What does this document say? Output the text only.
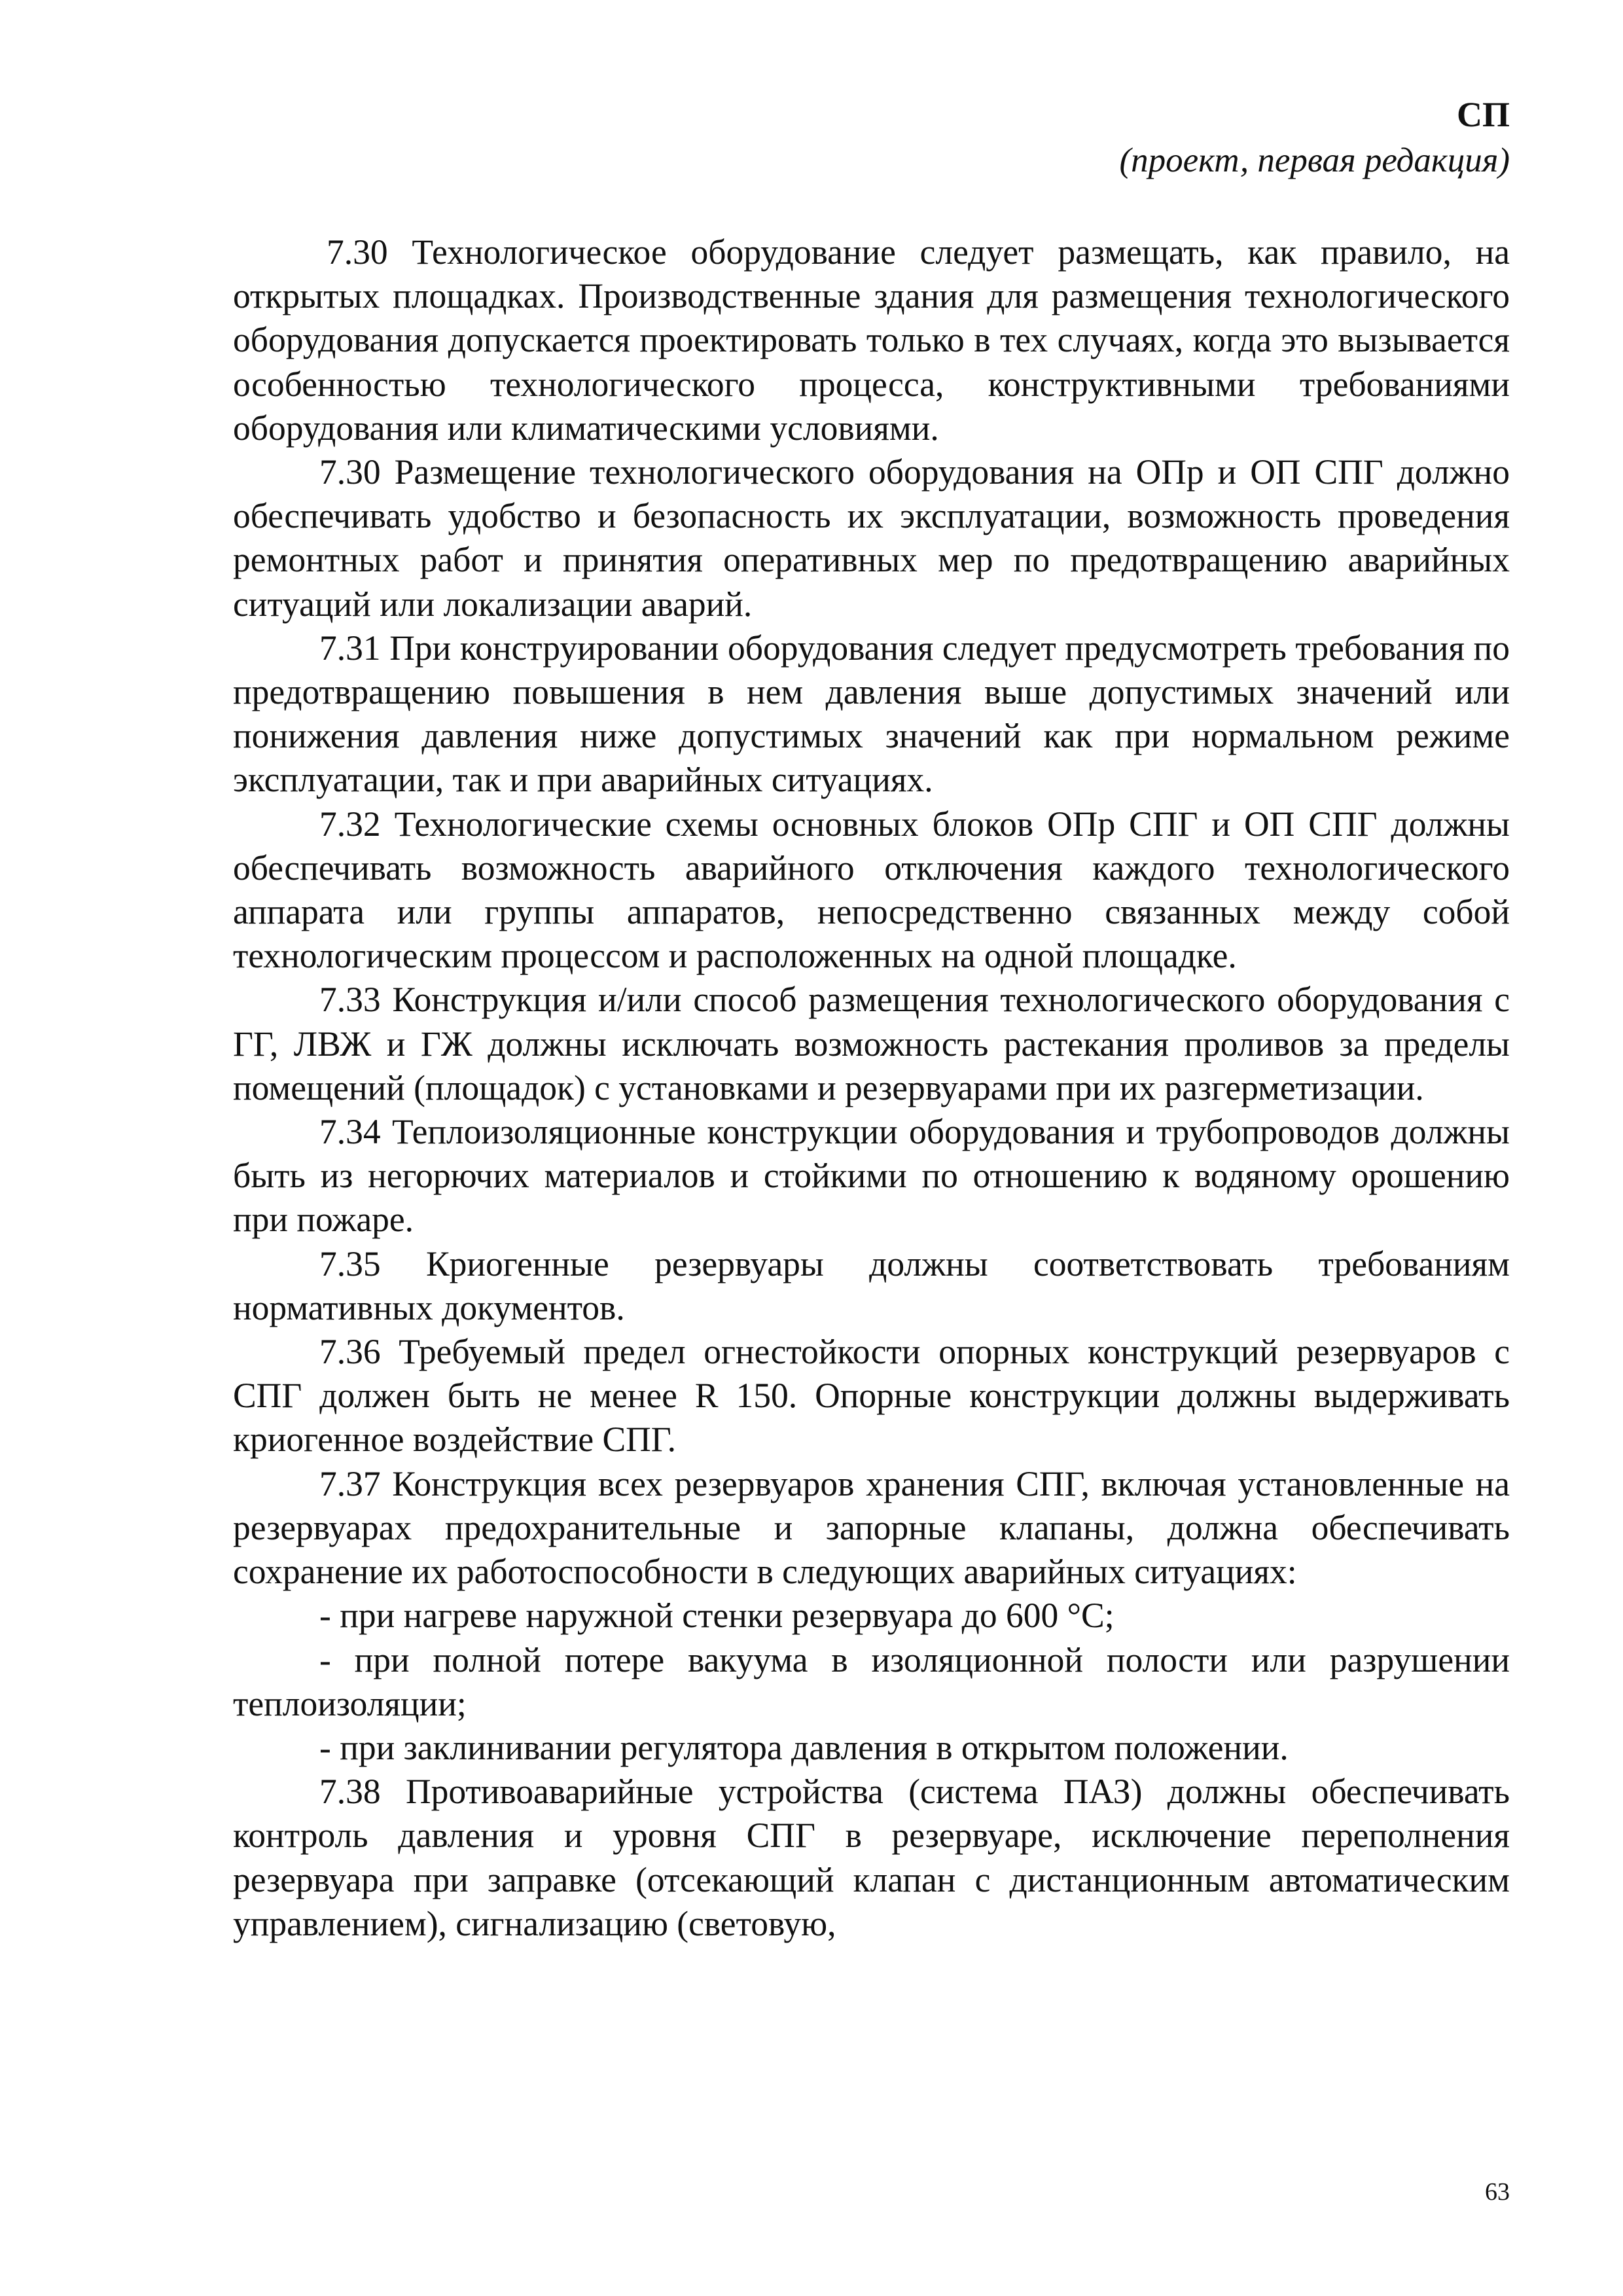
СП
(проект, первая редакция)

7.30 Технологическое оборудование следует размещать, как правило, на открытых площадках. Производственные здания для размещения технологического оборудования допускается проектировать только в тех случаях, когда это вызывается особенностью технологического процесса, конструктивными требованиями оборудования или климатическими условиями.

7.30 Размещение технологического оборудования на ОПр и ОП СПГ должно обеспечивать удобство и безопасность их эксплуатации, возможность проведения ремонтных работ и принятия оперативных мер по предотвращению аварийных ситуаций или локализации аварий.

7.31 При конструировании оборудования следует предусмотреть требования по предотвращению повышения в нем давления выше допустимых значений или понижения давления ниже допустимых значений как при нормальном режиме эксплуатации, так и при аварийных ситуациях.

7.32 Технологические схемы основных блоков ОПр СПГ и ОП СПГ должны обеспечивать возможность аварийного отключения каждого технологического аппарата или группы аппаратов, непосредственно связанных между собой технологическим процессом и расположенных на одной площадке.

7.33 Конструкция и/или способ размещения технологического оборудования с ГГ, ЛВЖ и ГЖ должны исключать возможность растекания проливов за пределы помещений (площадок) с установками и резервуарами при их разгерметизации.

7.34 Теплоизоляционные конструкции оборудования и трубопроводов должны быть из негорючих материалов и стойкими по отношению к водяному орошению при пожаре.

7.35 Криогенные резервуары должны соответствовать требованиям нормативных документов.

7.36 Требуемый предел огнестойкости опорных конструкций резервуаров с СПГ должен быть не менее R 150. Опорные конструкции должны выдерживать криогенное воздействие СПГ.

7.37 Конструкция всех резервуаров хранения СПГ, включая установленные на резервуарах предохранительные и запорные клапаны, должна обеспечивать сохранение их работоспособности в следующих аварийных ситуациях:

- при нагреве наружной стенки резервуара до 600 °C;

- при полной потере вакуума в изоляционной полости или разрушении теплоизоляции;

- при заклинивании регулятора давления в открытом положении.

7.38 Противоаварийные устройства (система ПАЗ) должны обеспечивать контроль давления и уровня СПГ в резервуаре, исключение переполнения резервуара при заправке (отсекающий клапан с дистанционным автоматическим управлением), сигнализацию (световую,

63
